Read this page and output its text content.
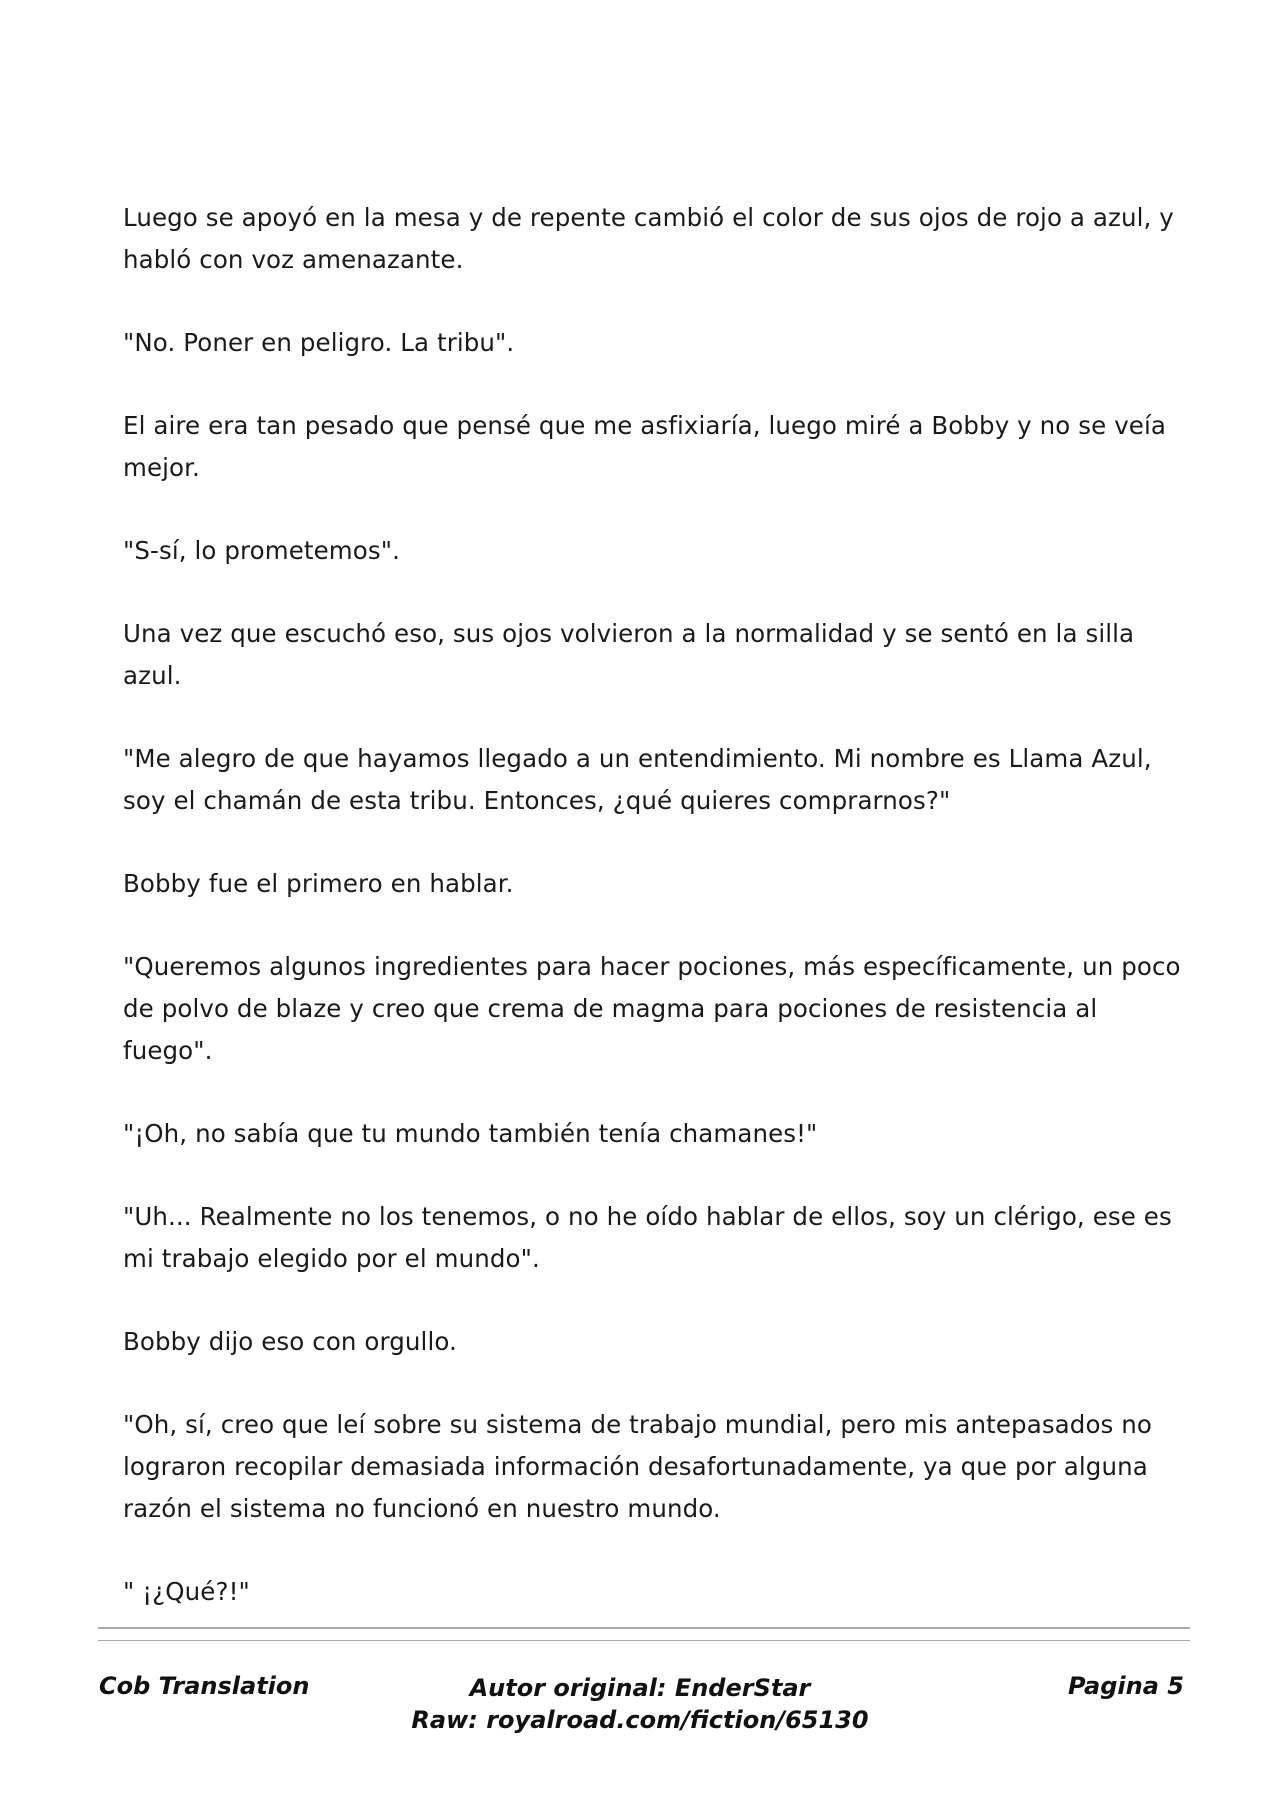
Luego se apoyó en la mesa y de repente cambió el color de sus ojos de rojo a azul, y habló con voz amenazante.

"No. Poner en peligro. La tribu".

El aire era tan pesado que pensé que me asfixiaría, luego miré a Bobby y no se veía mejor.

"S-sí, lo prometemos".

Una vez que escuchó eso, sus ojos volvieron a la normalidad y se sentó en la silla azul.

"Me alegro de que hayamos llegado a un entendimiento. Mi nombre es Llama Azul, soy el chamán de esta tribu. Entonces, ¿qué quieres comprarnos?"

Bobby fue el primero en hablar.

"Queremos algunos ingredientes para hacer pociones, más específicamente, un poco de polvo de blaze y creo que crema de magma para pociones de resistencia al fuego".

"¡Oh, no sabía que tu mundo también tenía chamanes!"

"Uh... Realmente no los tenemos, o no he oído hablar de ellos, soy un clérigo, ese es mi trabajo elegido por el mundo".

Bobby dijo eso con orgullo.

"Oh, sí, creo que leí sobre su sistema de trabajo mundial, pero mis antepasados no lograron recopilar demasiada información desafortunadamente, ya que por alguna razón el sistema no funcionó en nuestro mundo.

" ¡¿Qué?!"

Cob Translation	Autor original: EnderStar
Raw: royalroad.com/fiction/65130
Pagina 5
